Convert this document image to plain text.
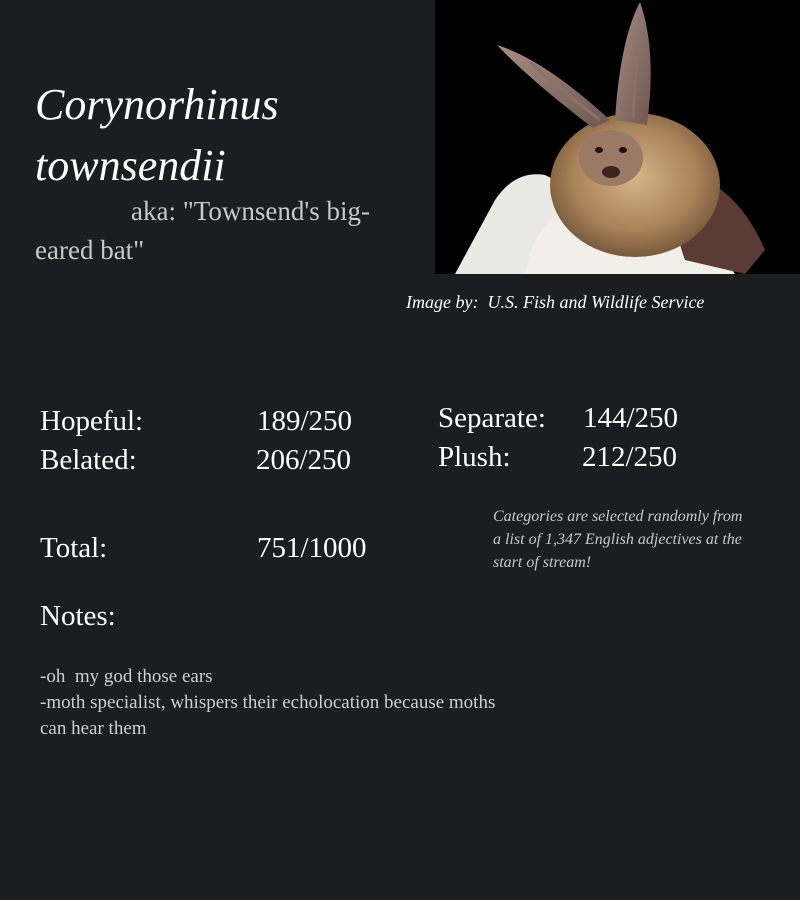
Corynorhinus
townsendii
aka: "Townsend's big-eared bat"
Image by:  U.S. Fish and Wildlife Service
Hopeful:	189/250
Belated:	206/250
Separate: 144/250
Plush: 212/250
Total:	751/1000
Categories are selected randomly from a list of 1,347 English adjectives at the start of stream!
Notes:
-oh  my god those ears
-moth specialist, whispers their echolocation because moths can hear them
